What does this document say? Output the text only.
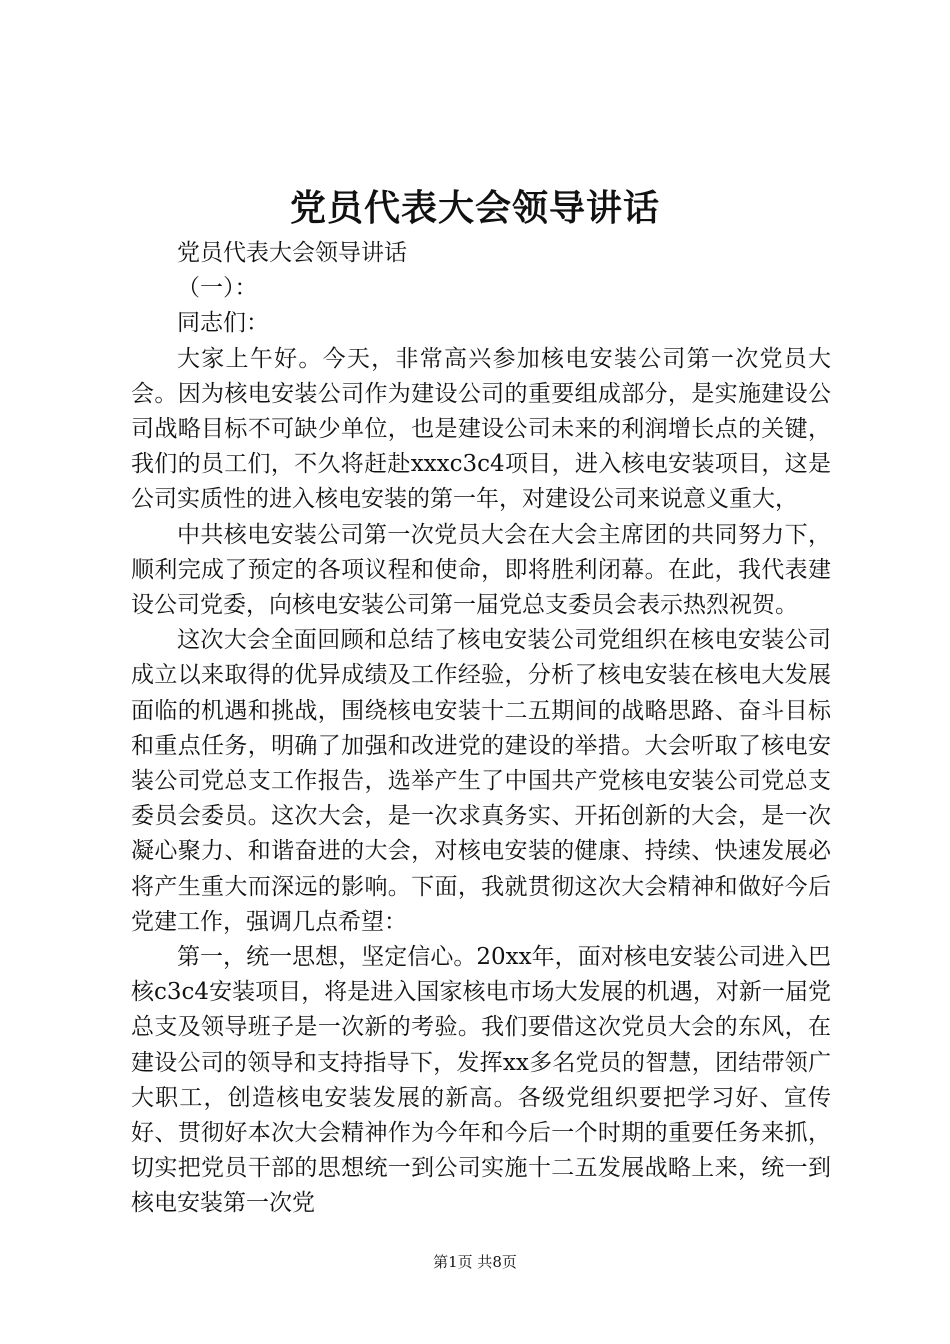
党员代表大会领导讲话

党员代表大会领导讲话

（一）：

同志们：

大家上午好。今天，非常高兴参加核电安装公司第一次党员大会。因为核电安装公司作为建设公司的重要组成部分，是实施建设公司战略目标不可缺少单位，也是建设公司未来的利润增长点的关键，我们的员工们，不久将赶赴xxxc3c4项目，进入核电安装项目，这是公司实质性的进入核电安装的第一年，对建设公司来说意义重大，

中共核电安装公司第一次党员大会在大会主席团的共同努力下，顺利完成了预定的各项议程和使命，即将胜利闭幕。在此，我代表建设公司党委，向核电安装公司第一届党总支委员会表示热烈祝贺。

这次大会全面回顾和总结了核电安装公司党组织在核电安装公司成立以来取得的优异成绩及工作经验，分析了核电安装在核电大发展面临的机遇和挑战，围绕核电安装十二五期间的战略思路、奋斗目标和重点任务，明确了加强和改进党的建设的举措。大会听取了核电安装公司党总支工作报告，选举产生了中国共产党核电安装公司党总支委员会委员。这次大会，是一次求真务实、开拓创新的大会，是一次凝心聚力、和谐奋进的大会，对核电安装的健康、持续、快速发展必将产生重大而深远的影响。下面，我就贯彻这次大会精神和做好今后党建工作，强调几点希望：

第一，统一思想，坚定信心。20xx年，面对核电安装公司进入巴核c3c4安装项目，将是进入国家核电市场大发展的机遇，对新一届党总支及领导班子是一次新的考验。我们要借这次党员大会的东风，在建设公司的领导和支持指导下，发挥xx多名党员的智慧，团结带领广大职工，创造核电安装发展的新高。各级党组织要把学习好、宣传好、贯彻好本次大会精神作为今年和今后一个时期的重要任务来抓，切实把党员干部的思想统一到公司实施十二五发展战略上来，统一到核电安装第一次党

第1页 共8页
